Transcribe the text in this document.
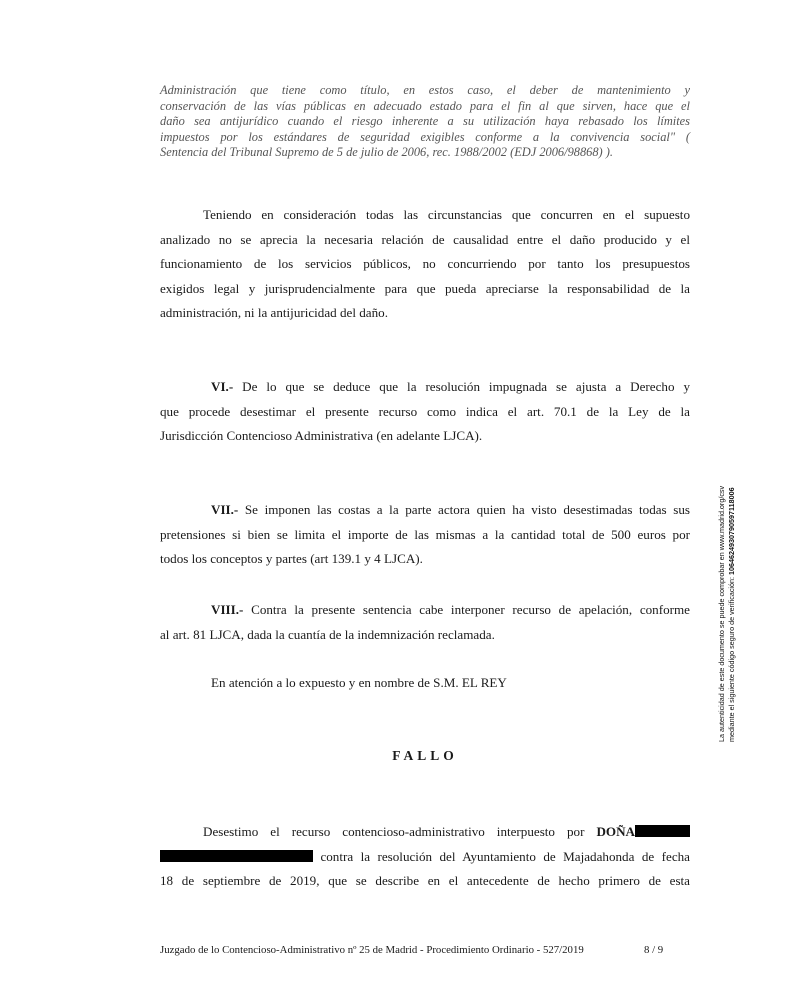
Administración que tiene como título, en estos caso, el deber de mantenimiento y
conservación de las vías públicas en adecuado estado para el fin al que sirven, hace que el
daño sea antijurídico cuando el riesgo inherente a su utilización haya rebasado los límites
impuestos por los estándares de seguridad exigibles conforme a la convivencia social" (
Sentencia del Tribunal Supremo de 5 de julio de 2006, rec. 1988/2002 (EDJ 2006/98868) ).
Teniendo en consideración todas las circunstancias que concurren en el supuesto
analizado no se aprecia la necesaria relación de causalidad entre el daño producido y el
funcionamiento de los servicios públicos, no concurriendo por tanto los presupuestos
exigidos legal y jurisprudencialmente para que pueda apreciarse la responsabilidad de la
administración, ni la antijuricidad del daño.
VI.- De lo que se deduce que la resolución impugnada se ajusta a Derecho y
que procede desestimar el presente recurso como indica el art. 70.1 de la Ley de la
Jurisdicción Contencioso Administrativa (en adelante LJCA).
VII.- Se imponen las costas a la parte actora quien ha visto desestimadas todas sus
pretensiones si bien se limita el importe de las mismas a la cantidad total de 500 euros por
todos los conceptos y partes (art 139.1 y 4 LJCA).
VIII.- Contra la presente sentencia cabe interponer recurso de apelación, conforme
al art. 81 LJCA, dada la cuantía de la indemnización reclamada.
En atención a lo expuesto y en nombre de S.M. EL REY
FALLO
Desestimo el recurso contencioso-administrativo interpuesto por DOÑA
contra la resolución del Ayuntamiento de Majadahonda de fecha
18 de septiembre de 2019, que se describe en el antecedente de hecho primero de esta
Juzgado de lo Contencioso-Administrativo nº 25 de Madrid - Procedimiento Ordinario - 527/2019	8 / 9
La autenticidad de este documento se puede comprobar en www.madrid.org/csv mediante el siguiente código seguro de verificación: 1064624930790597118006
